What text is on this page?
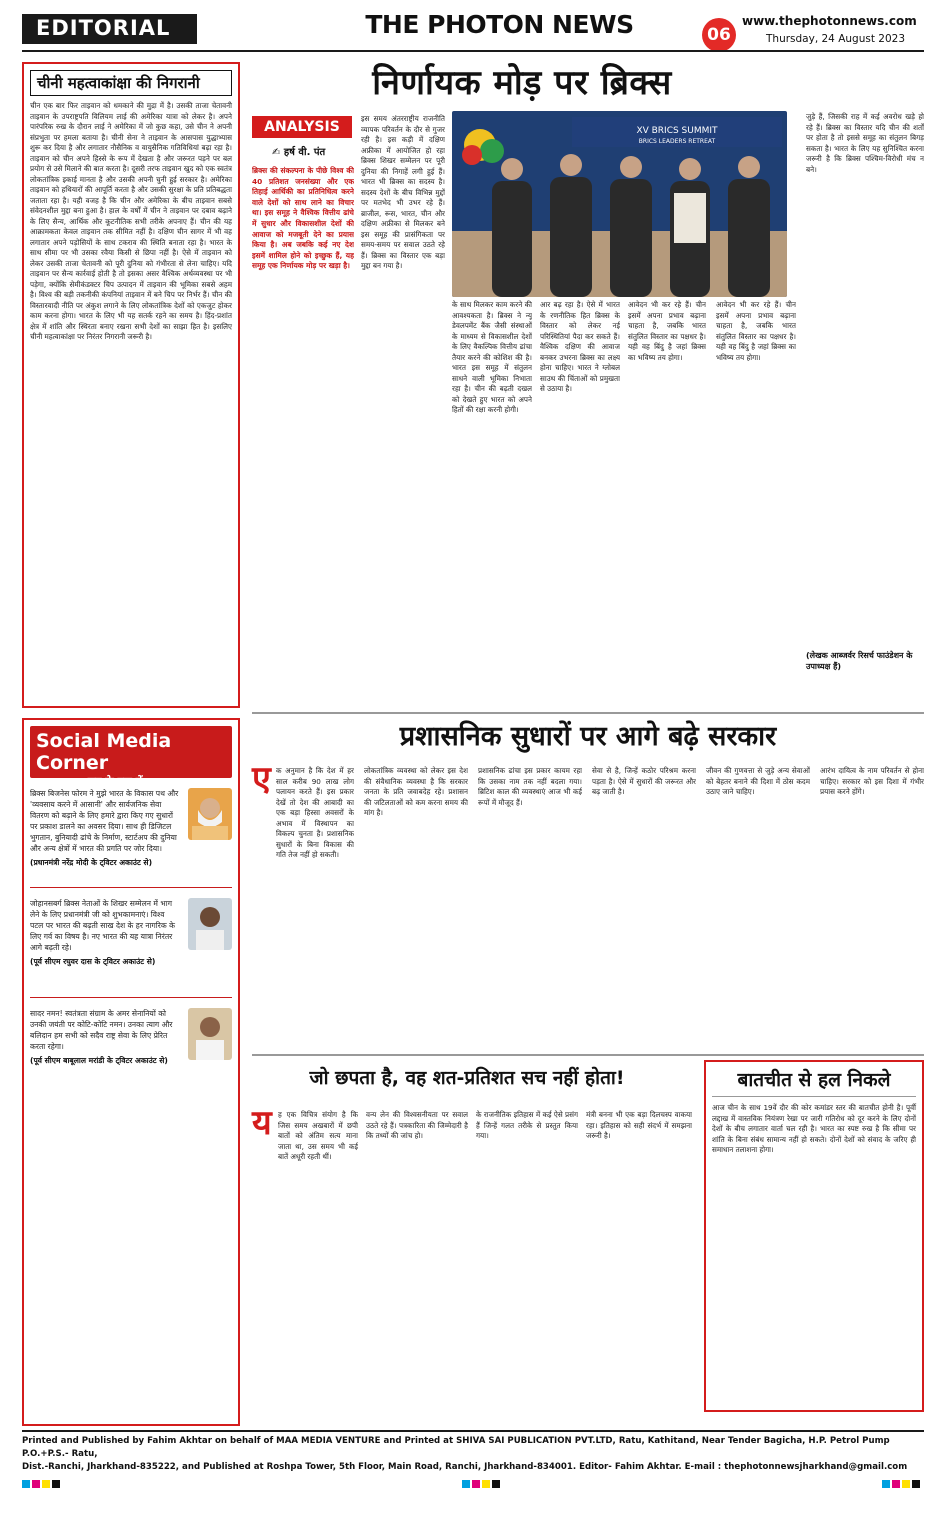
EDITORIAL	THE PHOTON NEWS	06
www.thephotonnews.com
Thursday, 24 August 2023
चीनी महत्वाकांक्षा की निगरानी
चीन एक बार फिर ताइवान को धमकाने की मुद्रा में है। उसकी ताजा चेतावनी ताइवान के उपराष्ट्रपति विलियम लाई की अमेरिका यात्रा को लेकर है। अपने पारंपरिक रुख के दौरान लाई ने अमेरिका में जो कुछ कहा, उसे चीन ने अपनी संप्रभुता पर हमला बताया है। चीनी सेना ने ताइवान के आसपास युद्धाभ्यास शुरू कर दिया है और लगातार नौसैनिक व वायुसैनिक गतिविधियां बढ़ा रहा है। ताइवान को चीन अपने हिस्से के रूप में देखता है और जरूरत पड़ने पर बल प्रयोग से उसे मिलाने की बात करता है। दूसरी तरफ ताइवान खुद को एक स्वतंत्र लोकतांत्रिक इकाई मानता है और उसकी अपनी चुनी हुई सरकार है। अमेरिका ताइवान को हथियारों की आपूर्ति करता है और उसकी सुरक्षा के प्रति प्रतिबद्धता जताता रहा है। यही वजह है कि चीन और अमेरिका के बीच ताइवान सबसे संवेदनशील मुद्दा बना हुआ है। हाल के वर्षों में चीन ने ताइवान पर दबाव बढ़ाने के लिए सैन्य, आर्थिक और कूटनीतिक सभी तरीके अपनाए हैं। चीन की यह आक्रामकता केवल ताइवान तक सीमित नहीं है। दक्षिण चीन सागर में भी वह लगातार अपने पड़ोसियों के साथ टकराव की स्थिति बनाता रहा है। भारत के साथ सीमा पर भी उसका रवैया किसी से छिपा नहीं है। ऐसे में ताइवान को लेकर उसकी ताजा चेतावनी को पूरी दुनिया को गंभीरता से लेना चाहिए। यदि ताइवान पर सैन्य कार्रवाई होती है तो इसका असर वैश्विक अर्थव्यवस्था पर भी पड़ेगा, क्योंकि सेमीकंडक्टर चिप उत्पादन में ताइवान की भूमिका सबसे अहम है। विश्व की बड़ी तकनीकी कंपनियां ताइवान में बने चिप पर निर्भर हैं। चीन की विस्तारवादी नीति पर अंकुश लगाने के लिए लोकतांत्रिक देशों को एकजुट होकर काम करना होगा। भारत के लिए भी यह सतर्क रहने का समय है। हिंद-प्रशांत क्षेत्र में शांति और स्थिरता बनाए रखना सभी देशों का साझा हित है। इसलिए चीनी महत्वाकांक्षा पर निरंतर निगरानी जरूरी है।
Social Media Corner
सब के हक में...
ब्रिक्स बिजनेस फोरम ने मुझे भारत के विकास पथ और 'व्यवसाय करने में आसानी' और सार्वजनिक सेवा वितरण को बढ़ाने के लिए हमारे द्वारा किए गए सुधारों पर प्रकाश डालने का अवसर दिया। साथ ही डिजिटल भुगतान, बुनियादी ढांचे के निर्माण, स्टार्टअप की दुनिया और अन्य क्षेत्रों में भारत की प्रगति पर जोर दिया।
(प्रधानमंत्री नरेंद्र मोदी के ट्विटर अकाउंट से)
जोहानसबर्ग ब्रिक्स नेताओं के शिखर सम्मेलन में भाग लेने के लिए प्रधानमंत्री जी को शुभकामनाएं। विश्व पटल पर भारत की बढ़ती साख देश के हर नागरिक के लिए गर्व का विषय है। नए भारत की यह यात्रा निरंतर आगे बढ़ती रहे।
(पूर्व सीएम रघुवर दास के ट्विटर अकाउंट से)
सादर नमन! स्वतंत्रता संग्राम के अमर सेनानियों को उनकी जयंती पर कोटि-कोटि नमन। उनका त्याग और बलिदान हम सभी को सदैव राष्ट्र सेवा के लिए प्रेरित करता रहेगा।
(पूर्व सीएम बाबूलाल मरांडी के ट्विटर अकाउंट से)
निर्णायक मोड़ पर ब्रिक्स
ANALYSIS
✍ हर्ष वी. पंत
ब्रिक्स की संकल्पना के पीछे विश्व की 40 प्रतिशत जनसंख्या और एक तिहाई आर्थिकी का प्रतिनिधित्व करने वाले देशों को साथ लाने का विचार था। इस समूह ने वैश्विक वित्तीय ढांचे में सुधार और विकासशील देशों की आवाज को मजबूती देने का प्रयास किया है। अब जबकि कई नए देश इसमें शामिल होने को इच्छुक हैं, यह समूह एक निर्णायक मोड़ पर खड़ा है।
इस समय अंतरराष्ट्रीय राजनीति व्यापक परिवर्तन के दौर से गुजर रही है। इस कड़ी में दक्षिण अफ्रीका में आयोजित हो रहा ब्रिक्स शिखर सम्मेलन पर पूरी दुनिया की निगाहें लगी हुई हैं। भारत भी ब्रिक्स का सदस्य है। सदस्य देशों के बीच विभिन्न मुद्दों पर मतभेद भी उभर रहे हैं। ब्राजील, रूस, भारत, चीन और दक्षिण अफ्रीका से मिलकर बने इस समूह की प्रासंगिकता पर समय-समय पर सवाल उठते रहे हैं। ब्रिक्स का विस्तार एक बड़ा मुद्दा बन गया है।
XV BRICS SUMMIT
BRICS LEADERS RETREAT
के साथ मिलकर काम करने की आवश्यकता है। ब्रिक्स ने न्यू डेवलपमेंट बैंक जैसी संस्थाओं के माध्यम से विकासशील देशों के लिए वैकल्पिक वित्तीय ढांचा तैयार करने की कोशिश की है। भारत इस समूह में संतुलन साधने वाली भूमिका निभाता रहा है। चीन की बढ़ती दखल को देखते हुए भारत को अपने हितों की रक्षा करनी होगी।
आर बढ़ रहा है। ऐसे में भारत के रणनीतिक हित ब्रिक्स के विस्तार को लेकर नई परिस्थितियां पैदा कर सकते हैं। वैश्विक दक्षिण की आवाज बनकर उभरना ब्रिक्स का लक्ष्य होना चाहिए। भारत ने ग्लोबल साउथ की चिंताओं को प्रमुखता से उठाया है।
आवेदन भी कर रहे हैं। चीन इसमें अपना प्रभाव बढ़ाना चाहता है, जबकि भारत संतुलित विस्तार का पक्षधर है। यही वह बिंदु है जहां ब्रिक्स का भविष्य तय होगा।
आवेदन भी कर रहे हैं। चीन इसमें अपना प्रभाव बढ़ाना चाहता है, जबकि भारत संतुलित विस्तार का पक्षधर है। यही वह बिंदु है जहां ब्रिक्स का भविष्य तय होगा।
जुड़े हैं, जिसकी राह में कई अवरोध खड़े हो रहे हैं। ब्रिक्स का विस्तार यदि चीन की शर्तों पर होता है तो इससे समूह का संतुलन बिगड़ सकता है। भारत के लिए यह सुनिश्चित करना जरूरी है कि ब्रिक्स पश्चिम-विरोधी मंच न बने।
(लेखक आब्जर्वर रिसर्च फाउंडेशन के उपाध्यक्ष हैं)
प्रशासनिक सुधारों पर आगे बढ़े सरकार
ए क अनुमान है कि देश में हर साल करीब 90 लाख लोग पलायन करते हैं। इस प्रकार देखें तो देश की आबादी का एक बड़ा हिस्सा अवसरों के अभाव में विस्थापन का विकल्प चुनता है। प्रशासनिक सुधारों के बिना विकास की गति तेज नहीं हो सकती।
लोकतांत्रिक व्यवस्था को लेकर इस देश की संवैधानिक व्यवस्था है कि सरकार जनता के प्रति जवाबदेह रहे। प्रशासन की जटिलताओं को कम करना समय की मांग है।
प्रशासनिक ढांचा इस प्रकार कायम रहा कि उसका नाम तक नहीं बदला गया। ब्रिटिश काल की व्यवस्थाएं आज भी कई रूपों में मौजूद हैं।
सेवा से है, जिन्हें कठोर परिश्रम करना पड़ता है। ऐसे में सुधारों की जरूरत और बढ़ जाती है।
जीवन की गुणवत्ता से जुड़े अन्य सेवाओं को बेहतर बनाने की दिशा में ठोस कदम उठाए जाने चाहिए।
आरंभ दायित्व के नाम परिवर्तन से होना चाहिए। सरकार को इस दिशा में गंभीर प्रयास करने होंगे।
जो छपता है, वह शत-प्रतिशत सच नहीं होता!
य ह एक विचित्र संयोग है कि जिस समय अखबारों में छपी बातों को अंतिम सत्य माना जाता था, उस समय भी कई बातें अधूरी रहती थीं।
वन्य लेन की विश्वसनीयता पर सवाल उठते रहे हैं। पत्रकारिता की जिम्मेदारी है कि तथ्यों की जांच हो।
के राजनीतिक इतिहास में कई ऐसे प्रसंग हैं जिन्हें गलत तरीके से प्रस्तुत किया गया।
मंत्री बनना भी एक बड़ा दिलचस्प वाकया रहा। इतिहास को सही संदर्भ में समझना जरूरी है।
बातचीत से हल निकले
आज चीन के साथ 19वें दौर की कोर कमांडर स्तर की बातचीत होनी है। पूर्वी लद्दाख में वास्तविक नियंत्रण रेखा पर जारी गतिरोध को दूर करने के लिए दोनों देशों के बीच लगातार वार्ता चल रही है। भारत का स्पष्ट रुख है कि सीमा पर शांति के बिना संबंध सामान्य नहीं हो सकते। दोनों देशों को संवाद के जरिए ही समाधान तलाशना होगा।
Printed and Published by Fahim Akhtar on behalf of MAA MEDIA VENTURE and Printed at SHIVA SAI PUBLICATION PVT.LTD, Ratu, Kathitand, Near Tender Bagicha, H.P. Petrol Pump P.O.+P.S.- Ratu,
Dist.-Ranchi, Jharkhand-835222, and Published at Roshpa Tower, 5th Floor, Main Road, Ranchi, Jharkhand-834001. Editor- Fahim Akhtar. E-mail : thephotonnewsjharkhand@gmail.com
